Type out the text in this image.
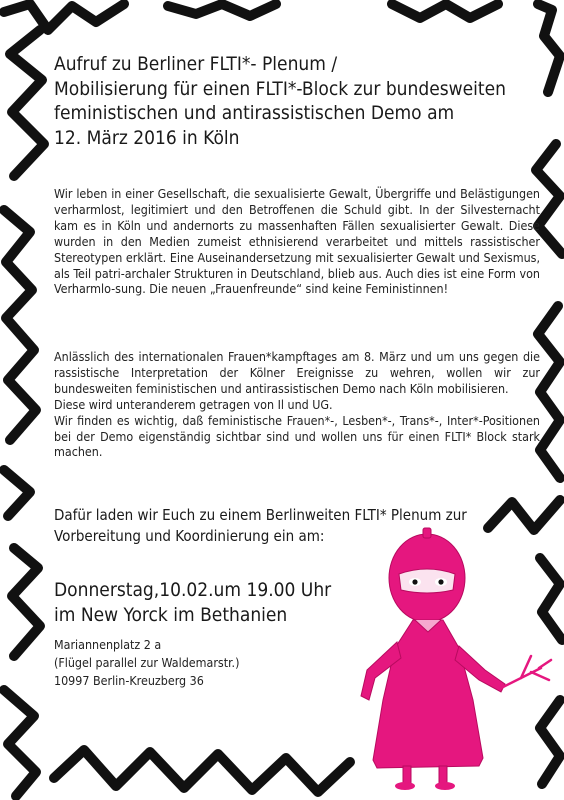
Aufruf zu Berliner FLTI*- Plenum /
Mobilisierung für einen FLTI*-Block zur bundesweiten
feministischen und antirassistischen Demo am
12. März 2016 in Köln
Wir leben in einer Gesellschaft, die sexualisierte Gewalt, Übergriffe und Belästigungen verharmlost, legitimiert und den Betroffenen die Schuld gibt. In der Silvesternacht kam es in Köln und andernorts zu massenhaften Fällen sexualisierter Gewalt. Diese wurden in den Medien zumeist ethnisierend verarbeitet und mittels rassistischer Stereotypen erklärt. Eine Auseinandersetzung mit sexualisierter Gewalt und Sexismus, als Teil patri-archaler Strukturen in Deutschland, blieb aus. Auch dies ist eine Form von Verharmlo-sung. Die neuen „Frauenfreunde“ sind keine Feministinnen!
Anlässlich des internationalen Frauen*kampftages am 8. März und um uns gegen die rassistische Interpretation der Kölner Ereignisse zu wehren, wollen wir zur bundesweiten feministischen und antirassistischen Demo nach Köln mobilisieren.
Diese wird unteranderem getragen von Il und UG.
Wir finden es wichtig, daß feministische Frauen*-, Lesben*-, Trans*-, Inter*-Positionen bei der Demo eigenständig sichtbar sind und wollen uns für einen FLTI* Block stark machen.
Dafür laden wir Euch zu einem Berlinweiten FLTI* Plenum zur
Vorbereitung und Koordinierung ein am:
Donnerstag,10.02.um 19.00 Uhr
im New Yorck im Bethanien
Mariannenplatz 2 a
(Flügel parallel zur Waldemarstr.)
10997 Berlin-Kreuzberg 36
